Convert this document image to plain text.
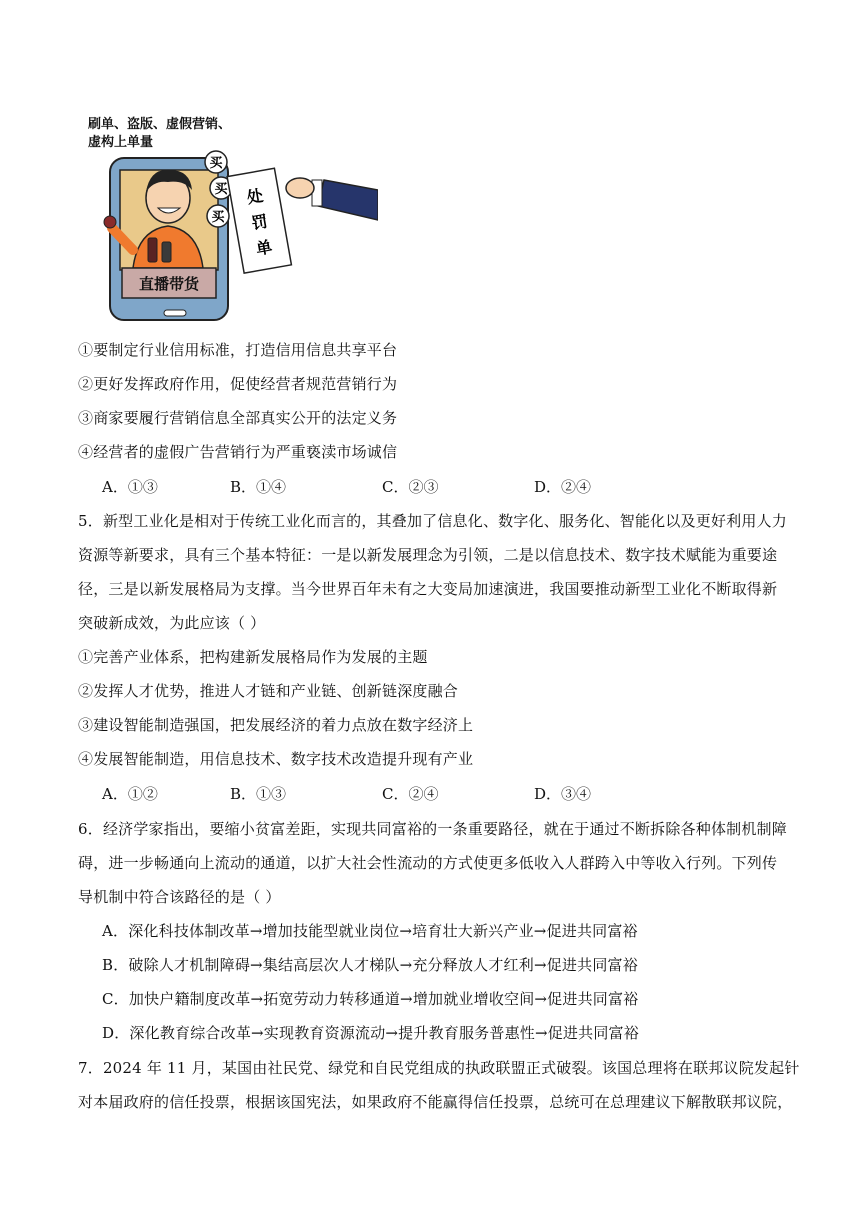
刷单、盗版、虚假营销、
虚构上单量
直播带货
买
买
买
处
罚
单
①要制定行业信用标准，打造信用信息共享平台
②更好发挥政府作用，促使经营者规范营销行为
③商家要履行营销信息全部真实公开的法定义务
④经营者的虚假广告营销行为严重亵渎市场诚信
A．①③	B．①④	C．②③	D．②④
5．新型工业化是相对于传统工业化而言的，其叠加了信息化、数字化、服务化、智能化以及更好利用人力
资源等新要求，具有三个基本特征：一是以新发展理念为引领，二是以信息技术、数字技术赋能为重要途
径，三是以新发展格局为支撑。当今世界百年未有之大变局加速演进，我国要推动新型工业化不断取得新
突破新成效，为此应该（ ）
①完善产业体系，把构建新发展格局作为发展的主题
②发挥人才优势，推进人才链和产业链、创新链深度融合
③建设智能制造强国，把发展经济的着力点放在数字经济上
④发展智能制造，用信息技术、数字技术改造提升现有产业
A．①②	B．①③	C．②④	D．③④
6．经济学家指出，要缩小贫富差距，实现共同富裕的一条重要路径，就在于通过不断拆除各种体制机制障
碍，进一步畅通向上流动的通道，以扩大社会性流动的方式使更多低收入人群跨入中等收入行列。下列传
导机制中符合该路径的是（ ）
A．深化科技体制改革→增加技能型就业岗位→培育壮大新兴产业→促进共同富裕
B．破除人才机制障碍→集结高层次人才梯队→充分释放人才红利→促进共同富裕
C．加快户籍制度改革→拓宽劳动力转移通道→增加就业增收空间→促进共同富裕
D．深化教育综合改革→实现教育资源流动→提升教育服务普惠性→促进共同富裕
7．2024 年 11 月，某国由社民党、绿党和自民党组成的执政联盟正式破裂。该国总理将在联邦议院发起针
对本届政府的信任投票，根据该国宪法，如果政府不能赢得信任投票，总统可在总理建议下解散联邦议院，
